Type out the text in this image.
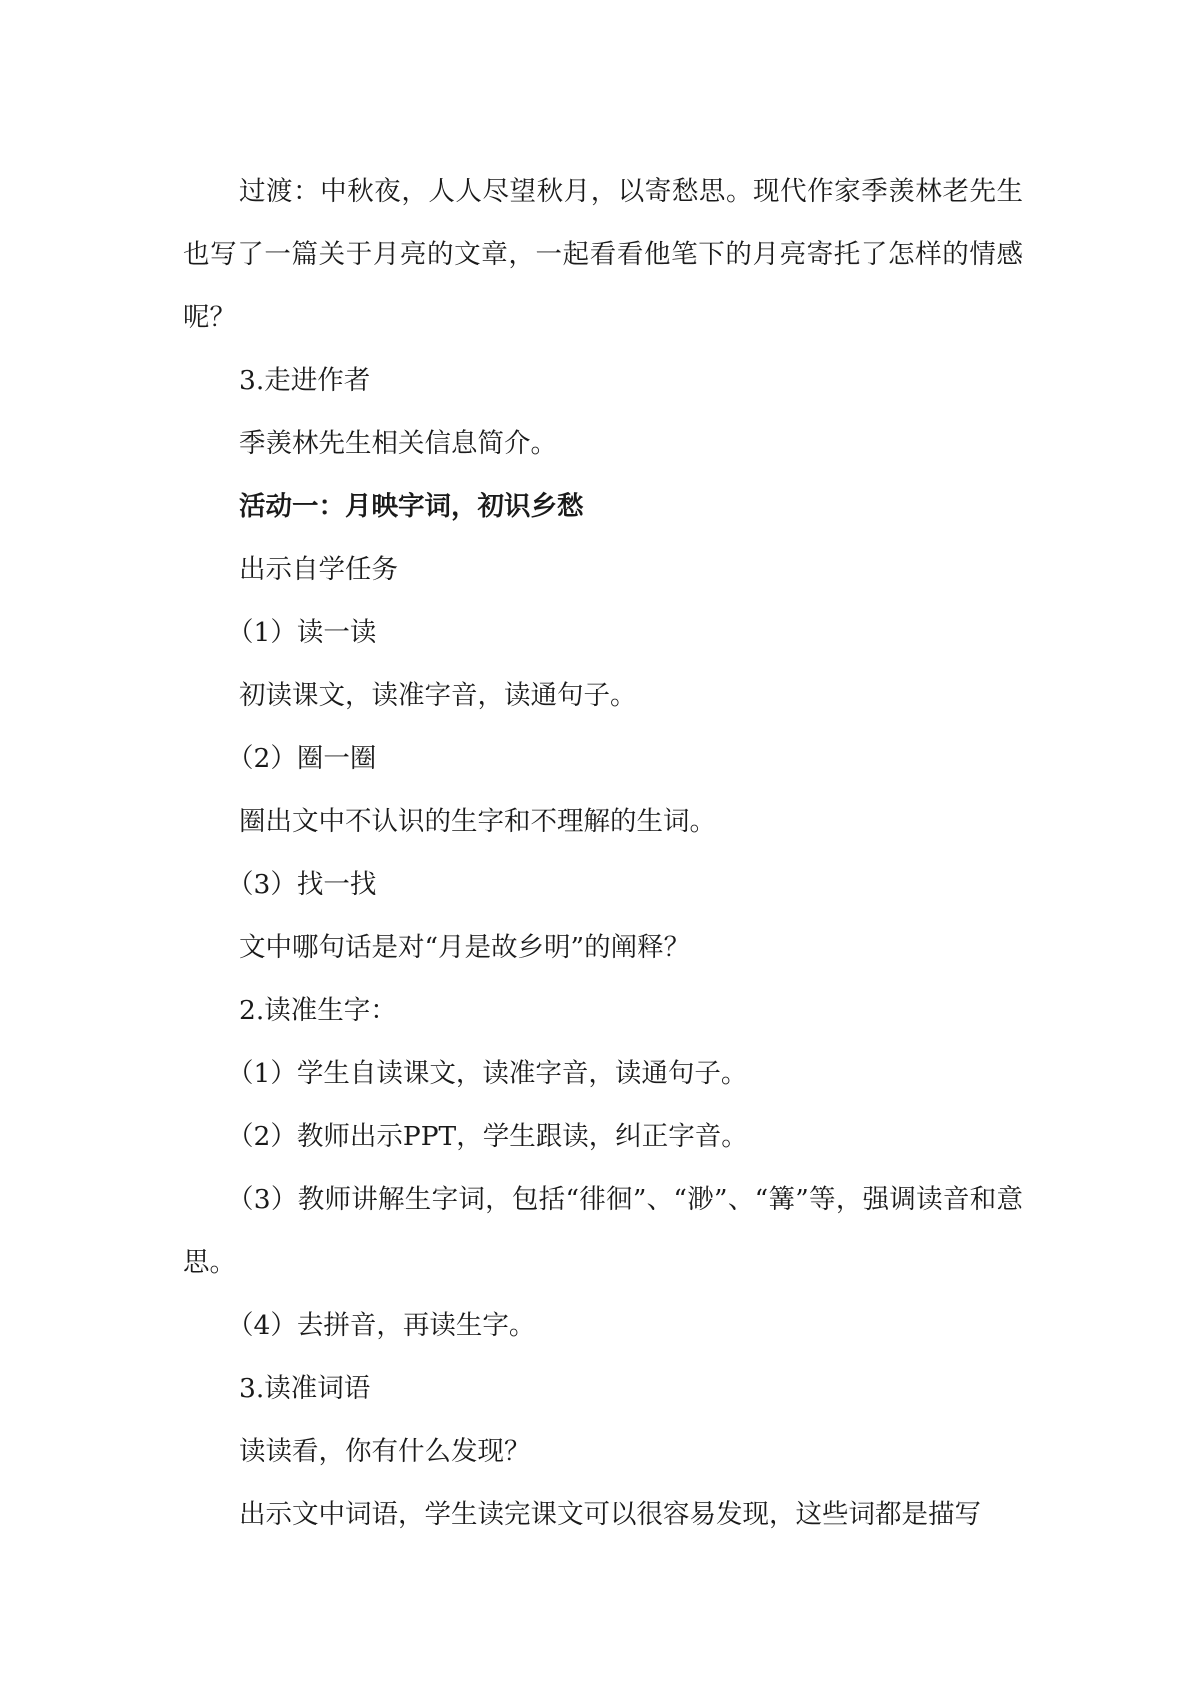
过渡：中秋夜，人人尽望秋月，以寄愁思。现代作家季羡林老先生也写了一篇关于月亮的文章，一起看看他笔下的月亮寄托了怎样的情感呢？

3.走进作者

季羡林先生相关信息简介。

活动一：月映字词，初识乡愁

出示自学任务

（1）读一读

初读课文，读准字音，读通句子。

（2）圈一圈

圈出文中不认识的生字和不理解的生词。

（3）找一找

文中哪句话是对“月是故乡明”的阐释？

2.读准生字：

（1）学生自读课文，读准字音，读通句子。

（2）教师出示PPT，学生跟读，纠正字音。

（3）教师讲解生字词，包括“徘徊”、“渺”、“篝”等，强调读音和意思。

（4）去拼音，再读生字。

3.读准词语

读读看，你有什么发现？

出示文中词语，学生读完课文可以很容易发现，这些词都是描写
